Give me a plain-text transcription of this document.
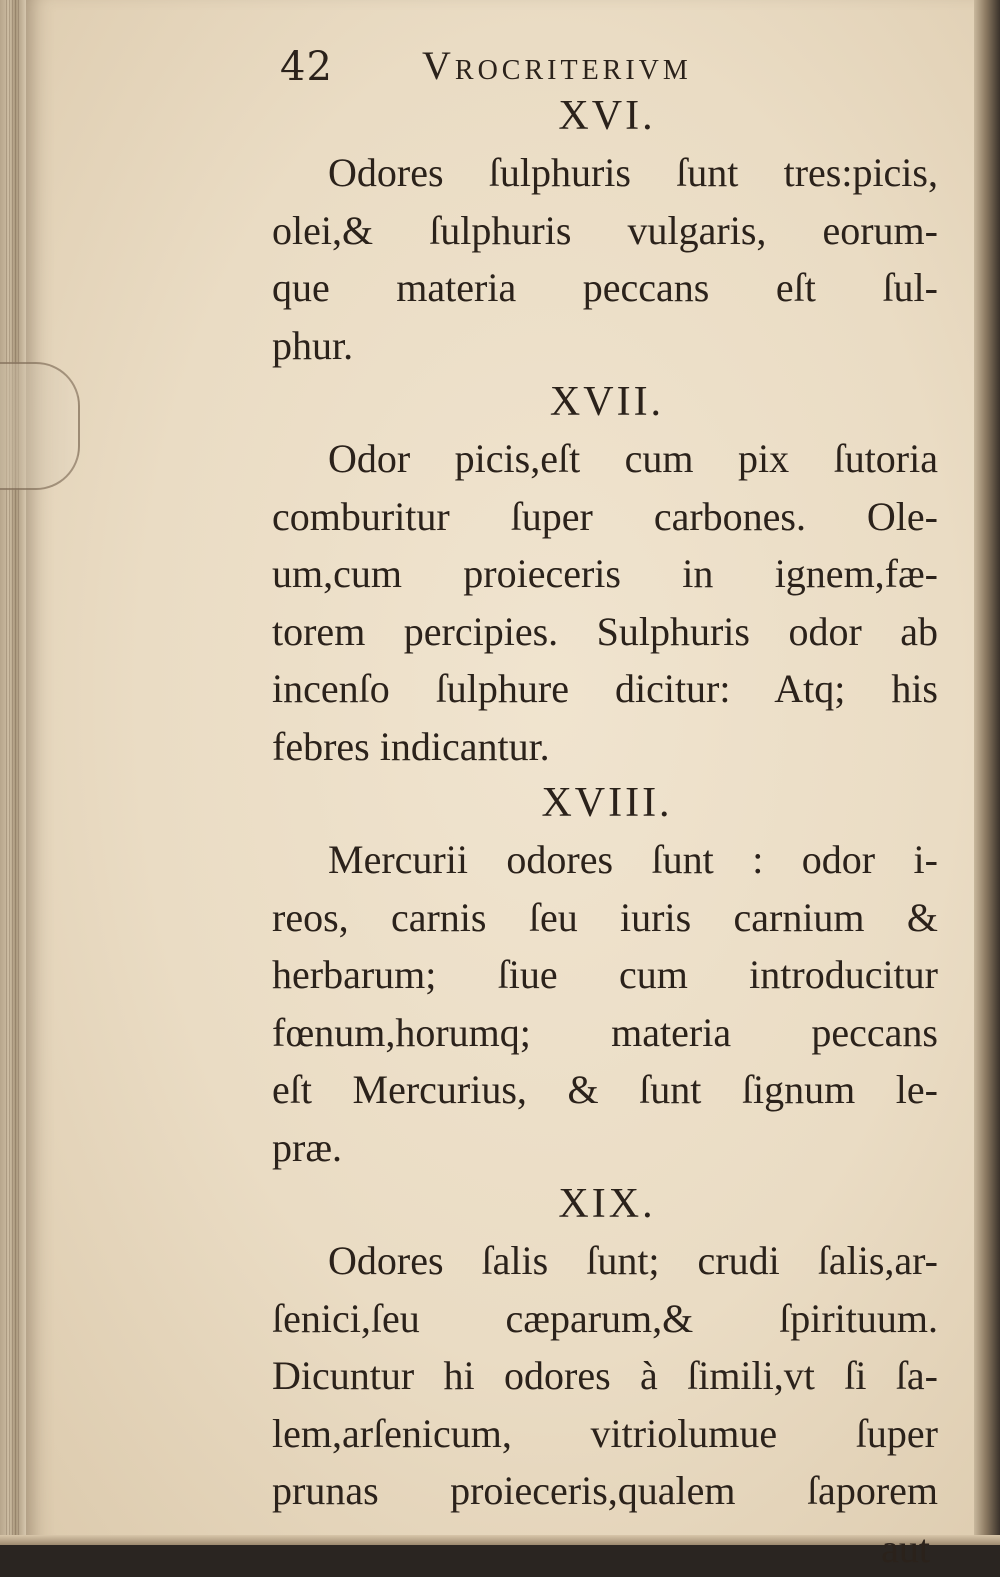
42 Vrocriterivm
XVI.
Odores ſulphuris ſunt tres:picis,
olei,& ſulphuris vulgaris, eorum-
que materia peccans eſt ſul-
phur.
XVII.
Odor picis,eſt cum pix ſutoria
comburitur ſuper carbones. Ole-
um,cum proieceris in ignem,fæ-
torem percipies. Sulphuris odor ab
incenſo ſulphure dicitur: Atq; his
febres indicantur.
XVIII.
Mercurii odores ſunt : odor i-
reos, carnis ſeu iuris carnium &
herbarum; ſiue cum introducitur
fœnum,horumq; materia peccans
eſt Mercurius, & ſunt ſignum le-
præ.
XIX.
Odores ſalis ſunt; crudi ſalis,ar-
ſenici,ſeu cæparum,& ſpirituum.
Dicuntur hi odores à ſimili,vt ſi ſa-
lem,arſenicum, vitriolumue ſuper
prunas proieceris,qualem ſaporem
aut
